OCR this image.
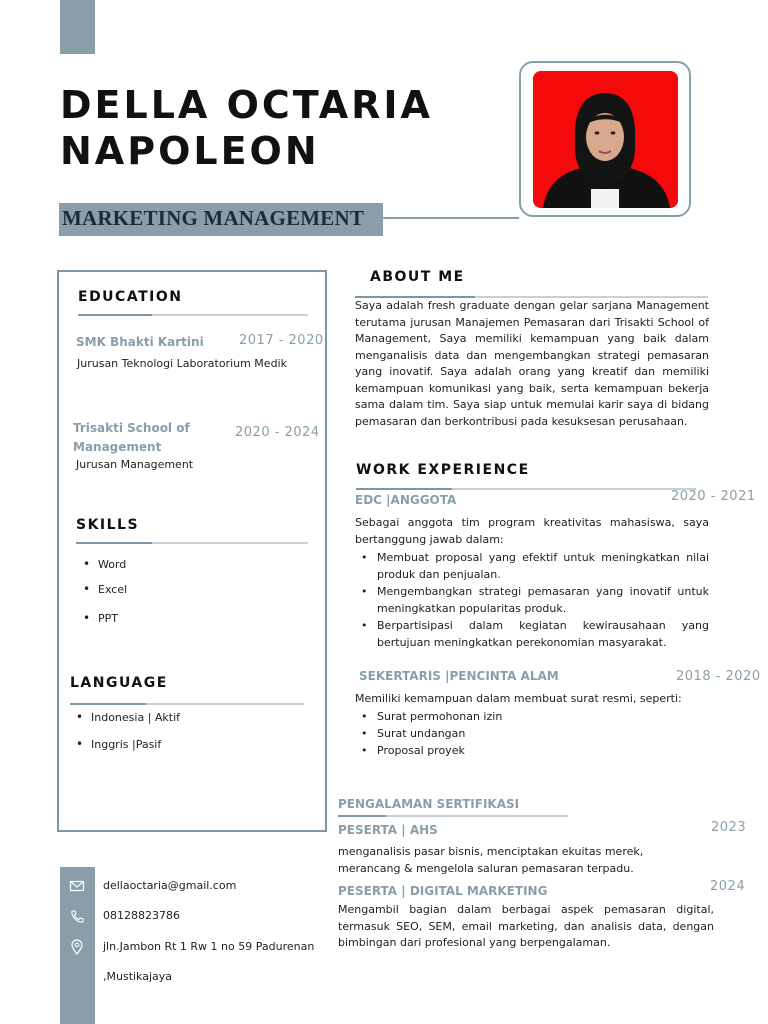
DELLA OCTARIA
NAPOLEON
MARKETING MANAGEMENT
EDUCATION
SMK Bhakti Kartini	2017 - 2020
Jurusan Teknologi Laboratorium Medik
Trisakti School of
Management
2020 - 2024
Jurusan Management
SKILLS
• Word
• Excel
• PPT
LANGUAGE
• Indonesia | Aktif
• Inggris |Pasif
dellaoctaria@gmail.com
08128823786
jln.Jambon Rt 1 Rw 1 no 59 Padurenan
,Mustikajaya
ABOUT ME
Saya adalah fresh graduate dengan gelar sarjana Management terutama jurusan Manajemen Pemasaran dari Trisakti School of Management, Saya memiliki kemampuan yang baik dalam menganalisis data dan mengembangkan strategi pemasaran yang inovatif. Saya adalah orang yang kreatif dan memiliki kemampuan komunikasi yang baik, serta kemampuan bekerja sama dalam tim. Saya siap untuk memulai karir saya di bidang pemasaran dan berkontribusi pada kesuksesan perusahaan.
WORK EXPERIENCE
EDC |ANGGOTA	2020 - 2021
Sebagai anggota tim program kreativitas mahasiswa, saya bertanggung jawab dalam:
• Membuat proposal yang efektif untuk meningkatkan nilai produk dan penjualan.
• Mengembangkan strategi pemasaran yang inovatif untuk meningkatkan popularitas produk.
• Berpartisipasi dalam kegiatan kewirausahaan yang bertujuan meningkatkan perekonomian masyarakat.
SEKERTARIS |PENCINTA ALAM	2018 - 2020
Memiliki kemampuan dalam membuat surat resmi, seperti:
• Surat permohonan izin
• Surat undangan
• Proposal proyek
PENGALAMAN SERTIFIKASI
PESERTA | AHS	2023
menganalisis pasar bisnis, menciptakan ekuitas merek, merancang & mengelola saluran pemasaran terpadu.
PESERTA | DIGITAL MARKETING	2024
Mengambil bagian dalam berbagai aspek pemasaran digital, termasuk SEO, SEM, email marketing, dan analisis data, dengan bimbingan dari profesional yang berpengalaman.
